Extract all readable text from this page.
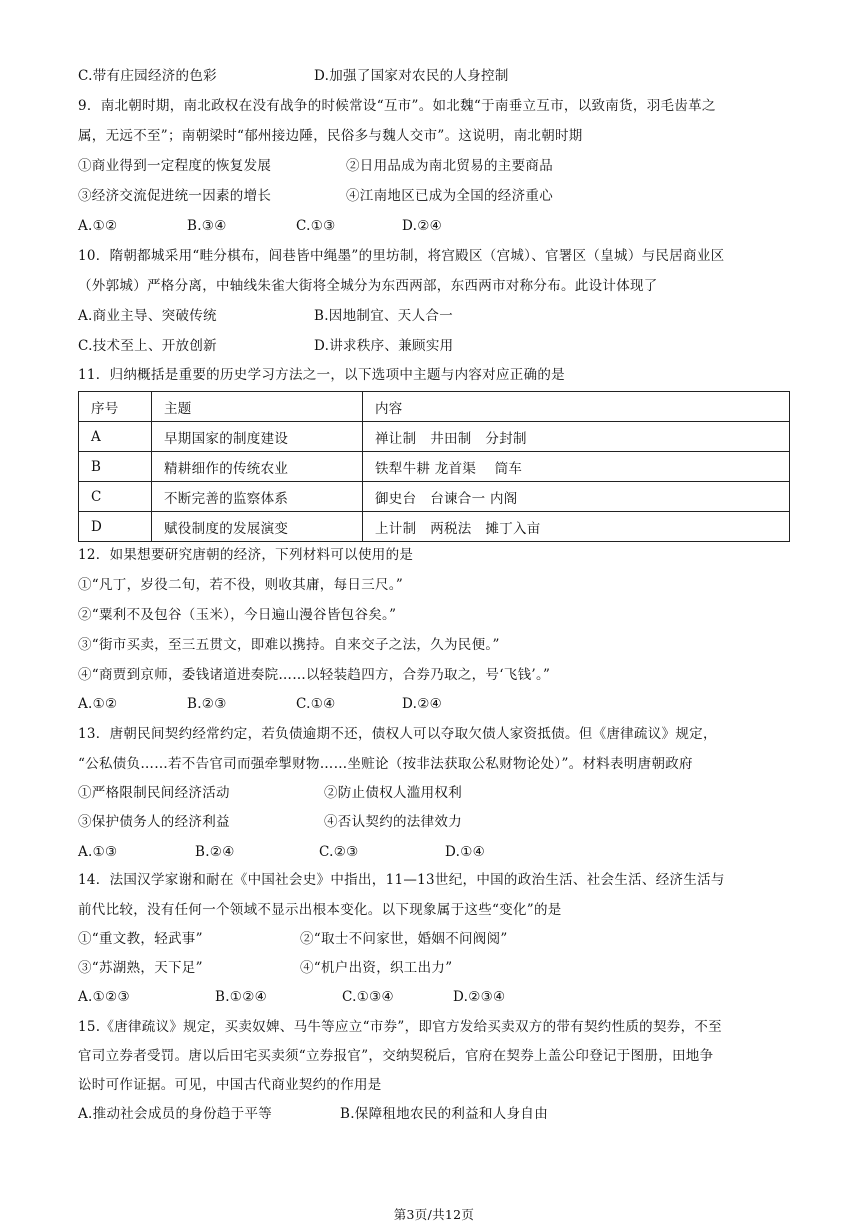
C.带有庄园经济的色彩	D.加强了国家对农民的人身控制
9．南北朝时期，南北政权在没有战争的时候常设“互市”。如北魏“于南垂立互市，以致南货，羽毛齿革之
属，无远不至”；南朝梁时“郁州接边陲，民俗多与魏人交市”。这说明，南北朝时期
①商业得到一定程度的恢复发展	②日用品成为南北贸易的主要商品
③经济交流促进统一因素的增长	④江南地区已成为全国的经济重心
A.①②	B.③④	C.①③	D.②④
10．隋朝都城采用“畦分棋布，闾巷皆中绳墨”的里坊制，将宫殿区（宫城）、官署区（皇城）与民居商业区
（外郭城）严格分离，中轴线朱雀大街将全城分为东西两部，东西两市对称分布。此设计体现了
A.商业主导、突破传统	B.因地制宜、天人合一
C.技术至上、开放创新	D.讲求秩序、兼顾实用
11．归纳概括是重要的历史学习方法之一，以下选项中主题与内容对应正确的是
序号	主题	内容
A	早期国家的制度建设	禅让制　井田制　分封制
B	精耕细作的传统农业	铁犁牛耕 龙首渠　 筒车
C	不断完善的监察体系	御史台　台谏合一 内阁
D	赋役制度的发展演变	上计制　两税法　摊丁入亩
12．如果想要研究唐朝的经济，下列材料可以使用的是
①“凡丁，岁役二旬，若不役，则收其庸，每日三尺。”
②“粟利不及包谷（玉米），今日遍山漫谷皆包谷矣。”
③“街市买卖，至三五贯文，即难以携持。自来交子之法，久为民便。”
④“商贾到京师，委钱诸道进奏院……以轻装趋四方，合券乃取之，号‘飞钱’。”
A.①②	B.②③	C.①④	D.②④
13．唐朝民间契约经常约定，若负债逾期不还，债权人可以夺取欠债人家资抵债。但《唐律疏议》规定，
“公私债负……若不告官司而强牵掣财物……坐赃论（按非法获取公私财物论处）”。材料表明唐朝政府
①严格限制民间经济活动	②防止债权人滥用权利
③保护债务人的经济利益	④否认契约的法律效力
A.①③	B.②④	C.②③	D.①④
14．法国汉学家谢和耐在《中国社会史》中指出，11—13世纪，中国的政治生活、社会生活、经济生活与
前代比较，没有任何一个领域不显示出根本变化。以下现象属于这些“变化”的是
①“重文教，轻武事”	②“取士不问家世，婚姻不问阀阅”
③“苏湖熟，天下足”	④“机户出资，织工出力”
A.①②③	B.①②④	C.①③④	D.②③④
15.《唐律疏议》规定，买卖奴婢、马牛等应立“市券”，即官方发给买卖双方的带有契约性质的契券，不至
官司立券者受罚。唐以后田宅买卖须“立券报官”，交纳契税后，官府在契券上盖公印登记于图册，田地争
讼时可作证据。可见，中国古代商业契约的作用是
A.推动社会成员的身份趋于平等	B.保障租地农民的利益和人身自由
第3页/共12页
